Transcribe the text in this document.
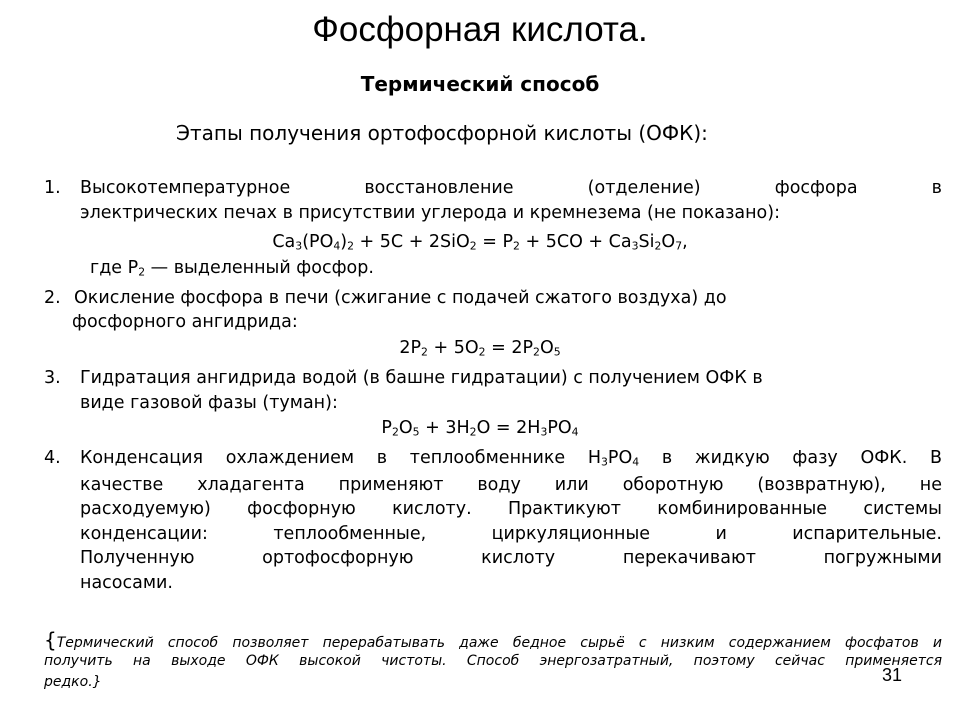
Фосфорная кислота.
Термический способ
Этапы получения ортофосфорной кислоты (ОФК):
1. Высокотемпературное восстановление (отделение) фосфора в
электрических печах в присутствии углерода и кремнезема (не показано):
$Ca_3(PO_4)_2 + 5C + 2SiO_2 = P_2 + 5CO + Ca_3Si_2O_7$,
где $P_2$ — выделенный фосфор.
2. Окисление фосфора в печи (сжигание с подачей сжатого воздуха) до
фосфорного ангидрида:
$2P_2 + 5O_2 = 2P_2O_5$
3. Гидратация ангидрида водой (в башне гидратации) с получением ОФК в
виде газовой фазы (туман):
$P_2O_5 + 3H_2O = 2H_3PO_4$
4. Конденсация охлаждением в теплообменнике $H_3PO_4$ в жидкую фазу ОФК. В
качестве хладагента применяют воду или оборотную (возвратную), не
расходуемую) фосфорную кислоту. Практикуют комбинированные системы
конденсации: теплообменные, циркуляционные и испарительные.
Полученную ортофосфорную кислоту перекачивают погружными
насосами.
{Термический способ позволяет перерабатывать даже бедное сырьё с низким содержанием фосфатов и
получить на выходе ОФК высокой чистоты. Способ энергозатратный, поэтому сейчас применяется
редко.}	31
